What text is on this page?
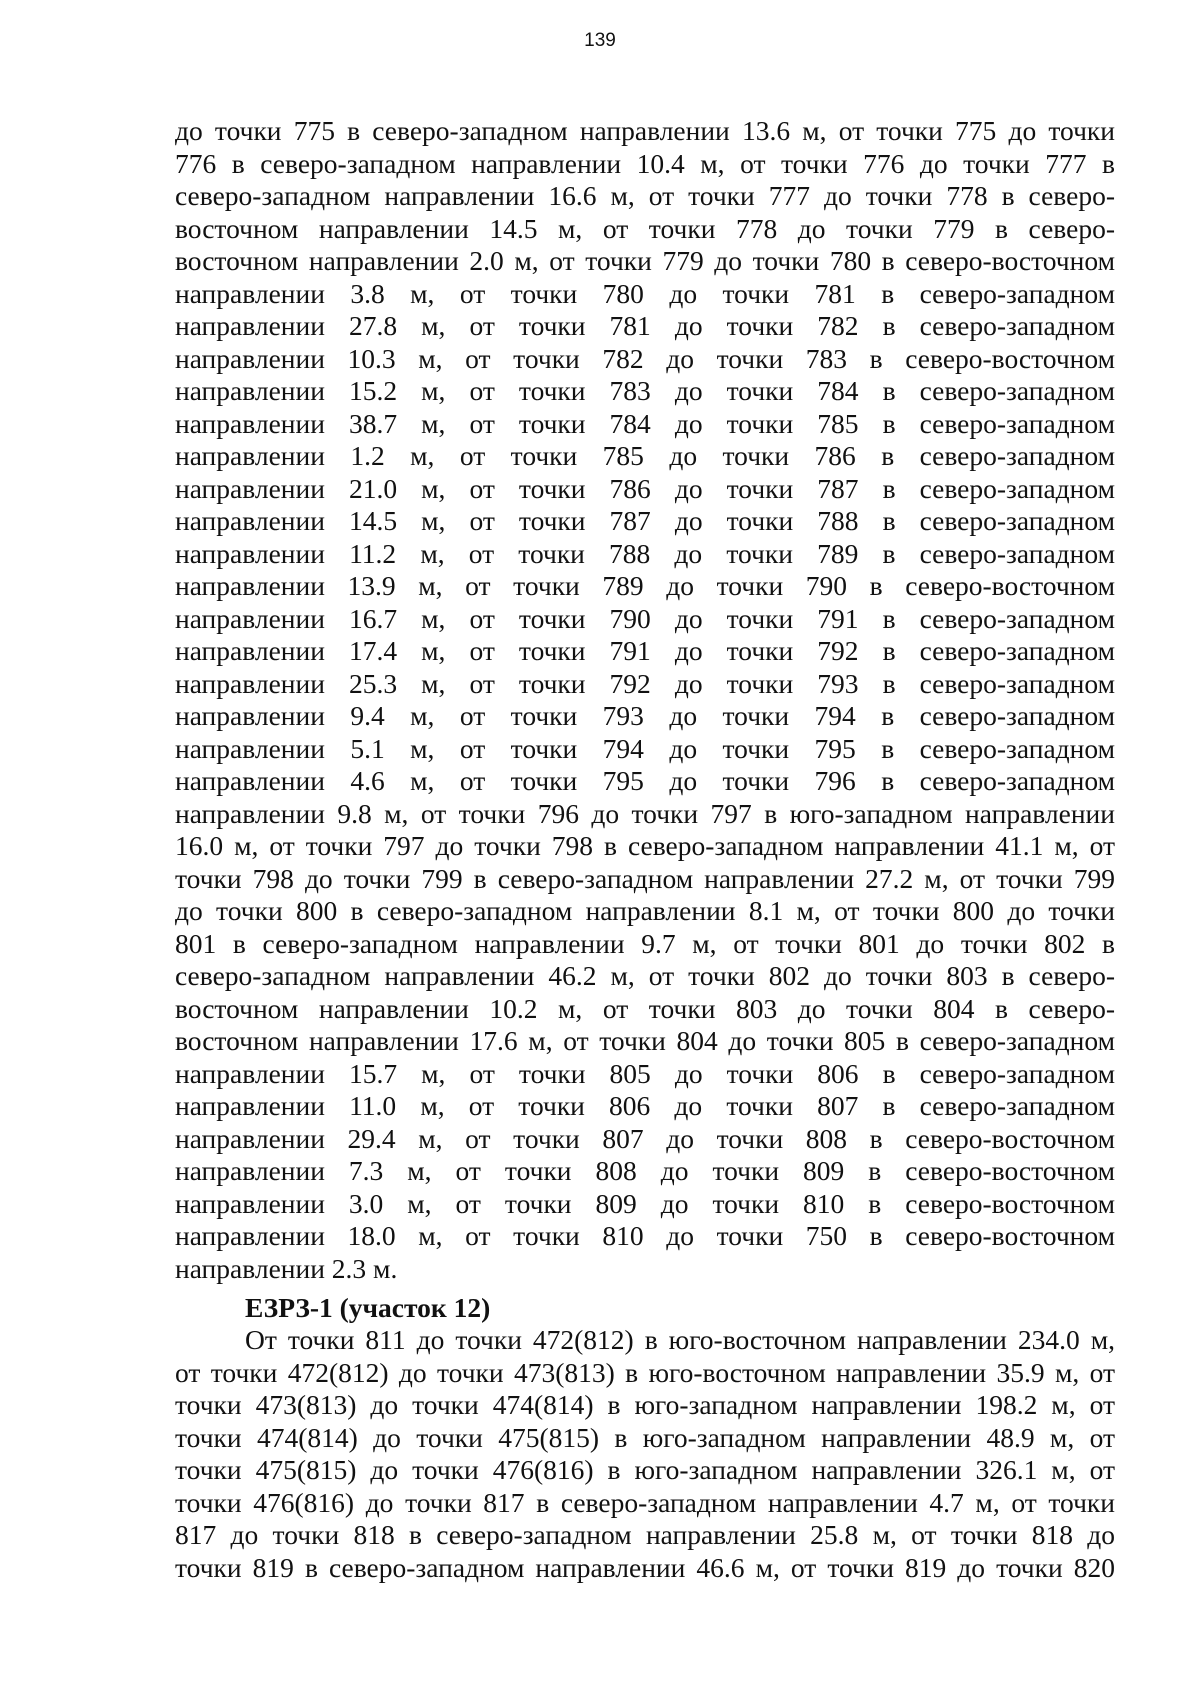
139
до точки 775 в северо-западном направлении 13.6 м, от точки 775 до точки
776 в северо-западном направлении 10.4 м, от точки 776 до точки 777 в
северо-западном направлении 16.6 м, от точки 777 до точки 778 в северо-
восточном направлении 14.5 м, от точки 778 до точки 779 в северо-
восточном направлении 2.0 м, от точки 779 до точки 780 в северо-восточном
направлении 3.8 м, от точки 780 до точки 781 в северо-западном
направлении 27.8 м, от точки 781 до точки 782 в северо-западном
направлении 10.3 м, от точки 782 до точки 783 в северо-восточном
направлении 15.2 м, от точки 783 до точки 784 в северо-западном
направлении 38.7 м, от точки 784 до точки 785 в северо-западном
направлении 1.2 м, от точки 785 до точки 786 в северо-западном
направлении 21.0 м, от точки 786 до точки 787 в северо-западном
направлении 14.5 м, от точки 787 до точки 788 в северо-западном
направлении 11.2 м, от точки 788 до точки 789 в северо-западном
направлении 13.9 м, от точки 789 до точки 790 в северо-восточном
направлении 16.7 м, от точки 790 до точки 791 в северо-западном
направлении 17.4 м, от точки 791 до точки 792 в северо-западном
направлении 25.3 м, от точки 792 до точки 793 в северо-западном
направлении 9.4 м, от точки 793 до точки 794 в северо-западном
направлении 5.1 м, от точки 794 до точки 795 в северо-западном
направлении 4.6 м, от точки 795 до точки 796 в северо-западном
направлении 9.8 м, от точки 796 до точки 797 в юго-западном направлении
16.0 м, от точки 797 до точки 798 в северо-западном направлении 41.1 м, от
точки 798 до точки 799 в северо-западном направлении 27.2 м, от точки 799
до точки 800 в северо-западном направлении 8.1 м, от точки 800 до точки
801 в северо-западном направлении 9.7 м, от точки 801 до точки 802 в
северо-западном направлении 46.2 м, от точки 802 до точки 803 в северо-
восточном направлении 10.2 м, от точки 803 до точки 804 в северо-
восточном направлении 17.6 м, от точки 804 до точки 805 в северо-западном
направлении 15.7 м, от точки 805 до точки 806 в северо-западном
направлении 11.0 м, от точки 806 до точки 807 в северо-западном
направлении 29.4 м, от точки 807 до точки 808 в северо-восточном
направлении 7.3 м, от точки 808 до точки 809 в северо-восточном
направлении 3.0 м, от точки 809 до точки 810 в северо-восточном
направлении 18.0 м, от точки 810 до точки 750 в северо-восточном
направлении 2.3 м.
ЕЗРЗ-1 (участок 12)
От точки 811 до точки 472(812) в юго-восточном направлении 234.0 м,
от точки 472(812) до точки 473(813) в юго-восточном направлении 35.9 м, от
точки 473(813) до точки 474(814) в юго-западном направлении 198.2 м, от
точки 474(814) до точки 475(815) в юго-западном направлении 48.9 м, от
точки 475(815) до точки 476(816) в юго-западном направлении 326.1 м, от
точки 476(816) до точки 817 в северо-западном направлении 4.7 м, от точки
817 до точки 818 в северо-западном направлении 25.8 м, от точки 818 до
точки 819 в северо-западном направлении 46.6 м, от точки 819 до точки 820
